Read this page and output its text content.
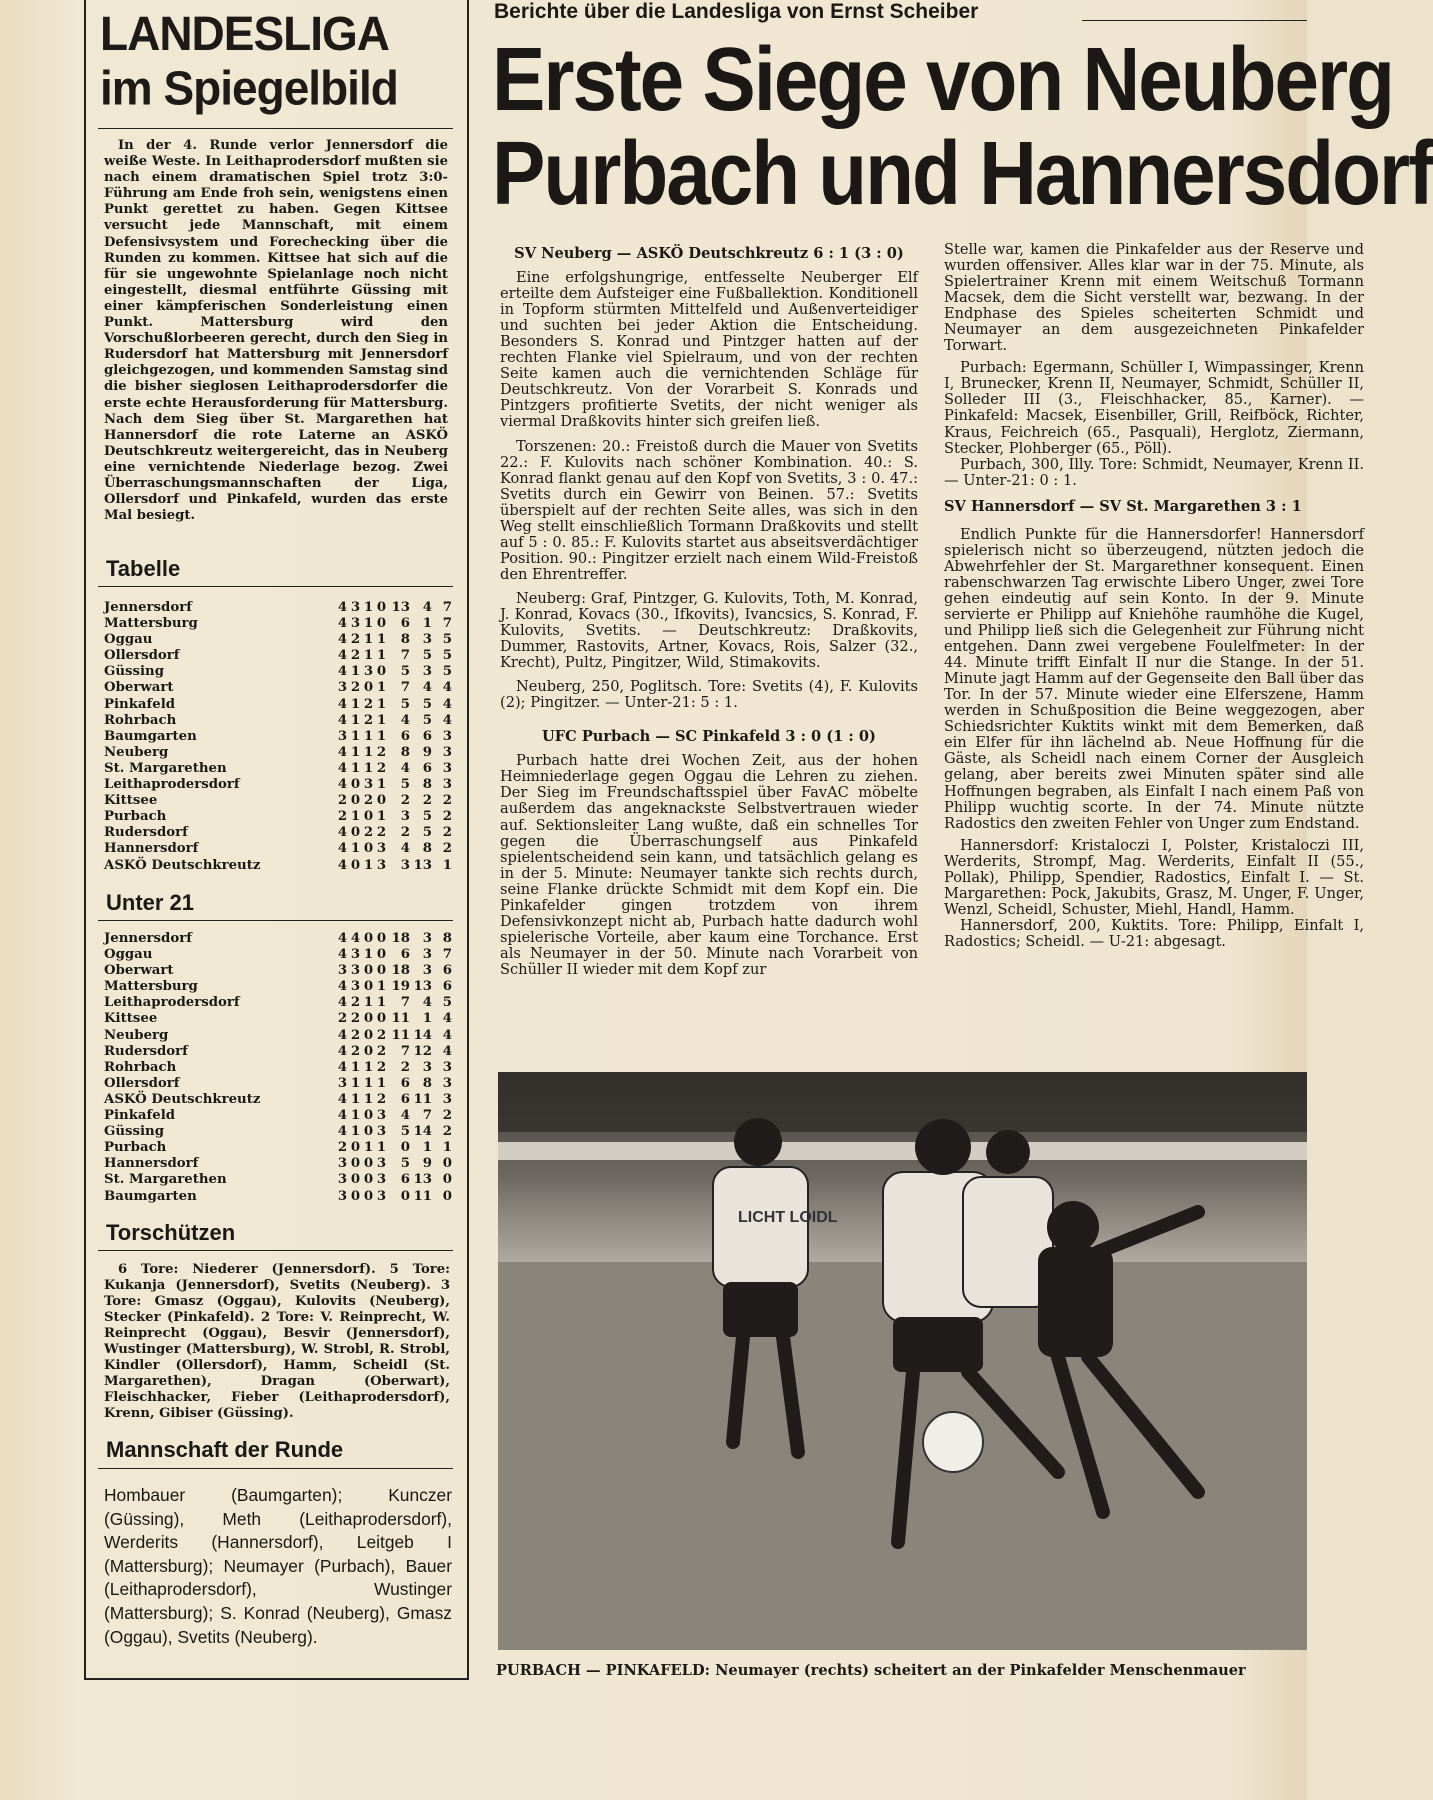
LANDESLIGA
im Spiegelbild
In der 4. Runde verlor Jennersdorf die weiße Weste. In Leithaprodersdorf mußten sie nach einem dramatischen Spiel trotz 3:0-Führung am Ende froh sein, wenigstens einen Punkt gerettet zu haben. Gegen Kittsee versucht jede Mannschaft, mit einem Defensivsystem und Forechecking über die Runden zu kommen. Kittsee hat sich auf die für sie ungewohnte Spielanlage noch nicht eingestellt, diesmal entführte Güssing mit einer kämpferischen Sonderleistung einen Punkt. Mattersburg wird den Vorschußlorbeeren gerecht, durch den Sieg in Rudersdorf hat Mattersburg mit Jennersdorf gleichgezogen, und kommenden Samstag sind die bisher sieglosen Leithaprodersdorfer die erste echte Herausforderung für Mattersburg. Nach dem Sieg über St. Margarethen hat Hannersdorf die rote Laterne an ASKÖ Deutschkreutz weitergereicht, das in Neuberg eine vernichtende Niederlage bezog. Zwei Überraschungsmannschaften der Liga, Ollersdorf und Pinkafeld, wurden das erste Mal besiegt.
Tabelle
Jennersdorf	4 3 1 0 13 4 7
Mattersburg	4 3 1 0	6 1 7
Oggau	4 2 1 1	8 3 5
Ollersdorf	4 2 1 1	7 5 5
Güssing	4 1 3 0	5 3 5
Oberwart	3 2 0 1	7 4 4
Pinkafeld	4 1 2 1	5 5 4
Rohrbach	4 1 2 1	4 5 4
Baumgarten	3 1 1 1	6 6 3
Neuberg	4 1 1 2	8 9 3
St. Margarethen	4 1 1 2	4 6 3
Leithaprodersdorf	4 0 3 1	5 8 3
Kittsee	2 0 2 0	2 2 2
Purbach	2 1 0 1	3 5 2
Rudersdorf	4 0 2 2	2 5 2
Hannersdorf	4 1 0 3	4 8 2
ASKÖ Deutschkreutz	4 0 1 3	3 13 1
Unter 21
Jennersdorf	4 4 0 0 18 3 8
Oggau	4 3 1 0	6 3 7
Oberwart	3 3 0 0 18 3 6
Mattersburg	4 3 0 1 19 13 6
Leithaprodersdorf	4 2 1 1	7 4 5
Kittsee	2 2 0 0 11 1 4
Neuberg	4 2 0 2 11 14 4
Rudersdorf	4 2 0 2	7 12 4
Rohrbach	4 1 1 2	2 3 3
Ollersdorf	3 1 1 1	6 8 3
ASKÖ Deutschkreutz	4 1 1 2	6 11 3
Pinkafeld	4 1 0 3	4 7 2
Güssing	4 1 0 3	5 14 2
Purbach	2 0 1 1	0 1 1
Hannersdorf	3 0 0 3	5 9 0
St. Margarethen	3 0 0 3	6 13 0
Baumgarten	3 0 0 3	0 11 0
Torschützen
6 Tore: Niederer (Jennersdorf). 5 Tore: Kukanja (Jennersdorf), Svetits (Neuberg). 3 Tore: Gmasz (Oggau), Kulovits (Neuberg), Stecker (Pinkafeld). 2 Tore: V. Reinprecht, W. Reinprecht (Oggau), Besvir (Jennersdorf), Wustinger (Mattersburg), W. Strobl, R. Strobl, Kindler (Ollersdorf), Hamm, Scheidl (St. Margarethen), Dragan (Oberwart), Fleischhacker, Fieber (Leithaprodersdorf), Krenn, Gibiser (Güssing).
Mannschaft der Runde
Hombauer (Baumgarten); Kunczer (Güssing), Meth (Leithaprodersdorf), Werderits (Hannersdorf), Leitgeb I (Mattersburg); Neumayer (Purbach), Bauer (Leithaprodersdorf), Wustinger (Mattersburg); S. Konrad (Neuberg), Gmasz (Oggau), Svetits (Neuberg).
Berichte über die Landesliga von Ernst Scheiber
Erste Siege von Neuberg
Purbach und Hannersdorf

SV Neuberg — ASKÖ Deutschkreutz 6 : 1 (3 : 0)

Eine erfolgshungrige, entfesselte Neuberger Elf erteilte dem Aufsteiger eine Fußballektion. Konditionell in Topform stürmten Mittelfeld und Außenverteidiger und suchten bei jeder Aktion die Entscheidung. Besonders S. Konrad und Pintzger hatten auf der rechten Flanke viel Spielraum, und von der rechten Seite kamen auch die vernichtenden Schläge für Deutschkreutz. Von der Vorarbeit S. Konrads und Pintzgers profitierte Svetits, der nicht weniger als viermal Draßkovits hinter sich greifen ließ.

Torszenen: 20.: Freistoß durch die Mauer von Svetits 22.: F. Kulovits nach schöner Kombination. 40.: S. Konrad flankt genau auf den Kopf von Svetits, 3 : 0. 47.: Svetits durch ein Gewirr von Beinen. 57.: Svetits überspielt auf der rechten Seite alles, was sich in den Weg stellt einschließlich Tormann Draßkovits und stellt auf 5 : 0. 85.: F. Kulovits startet aus abseitsverdächtiger Position. 90.: Pingitzer erzielt nach einem Wild-Freistoß den Ehrentreffer.

Neuberg: Graf, Pintzger, G. Kulovits, Toth, M. Konrad, J. Konrad, Kovacs (30., Ifkovits), Ivancsics, S. Konrad, F. Kulovits, Svetits. — Deutschkreutz: Draßkovits, Dummer, Rastovits, Artner, Kovacs, Rois, Salzer (32., Krecht), Pultz, Pingitzer, Wild, Stimakovits.

Neuberg, 250, Poglitsch. Tore: Svetits (4), F. Kulovits (2); Pingitzer. — Unter-21: 5 : 1.

UFC Purbach — SC Pinkafeld 3 : 0 (1 : 0)

Purbach hatte drei Wochen Zeit, aus der hohen Heimniederlage gegen Oggau die Lehren zu ziehen. Der Sieg im Freundschaftsspiel über FavAC möbelte außerdem das angeknackste Selbstvertrauen wieder auf. Sektionsleiter Lang wußte, daß ein schnelles Tor gegen die Überraschungself aus Pinkafeld spielentscheidend sein kann, und tatsächlich gelang es in der 5. Minute: Neumayer tankte sich rechts durch, seine Flanke drückte Schmidt mit dem Kopf ein. Die Pinkafelder gingen trotzdem von ihrem Defensivkonzept nicht ab, Purbach hatte dadurch wohl spielerische Vorteile, aber kaum eine Torchance. Erst als Neumayer in der 50. Minute nach Vorarbeit von Schüller II wieder mit dem Kopf zur

Stelle war, kamen die Pinkafelder aus der Reserve und wurden offensiver. Alles klar war in der 75. Minute, als Spielertrainer Krenn mit einem Weitschuß Tormann Macsek, dem die Sicht verstellt war, bezwang. In der Endphase des Spieles scheiterten Schmidt und Neumayer an dem ausgezeichneten Pinkafelder Torwart.

Purbach: Egermann, Schüller I, Wimpassinger, Krenn I, Brunecker, Krenn II, Neumayer, Schmidt, Schüller II, Solleder III (3., Fleischhacker, 85., Karner). — Pinkafeld: Macsek, Eisenbiller, Grill, Reifböck, Richter, Kraus, Feichreich (65., Pasquali), Herglotz, Ziermann, Stecker, Plohberger (65., Pöll).

Purbach, 300, Illy. Tore: Schmidt, Neumayer, Krenn II. — Unter-21: 0 : 1.

SV Hannersdorf — SV St. Margarethen 3 : 1

Endlich Punkte für die Hannersdorfer! Hannersdorf spielerisch nicht so überzeugend, nützten jedoch die Abwehrfehler der St. Margarethner konsequent. Einen rabenschwarzen Tag erwischte Libero Unger, zwei Tore gehen eindeutig auf sein Konto. In der 9. Minute servierte er Philipp auf Kniehöhe raumhöhe die Kugel, und Philipp ließ sich die Gelegenheit zur Führung nicht entgehen. Dann zwei vergebene Foulelfmeter: In der 44. Minute trifft Einfalt II nur die Stange. In der 51. Minute jagt Hamm auf der Gegenseite den Ball über das Tor. In der 57. Minute wieder eine Elferszene, Hamm werden in Schußposition die Beine weggezogen, aber Schiedsrichter Kuktits winkt mit dem Bemerken, daß ein Elfer für ihn lächelnd ab. Neue Hoffnung für die Gäste, als Scheidl nach einem Corner der Ausgleich gelang, aber bereits zwei Minuten später sind alle Hoffnungen begraben, als Einfalt I nach einem Paß von Philipp wuchtig scorte. In der 74. Minute nützte Radostics den zweiten Fehler von Unger zum Endstand.

Hannersdorf: Kristaloczi I, Polster, Kristaloczi III, Werderits, Strompf, Mag. Werderits, Einfalt II (55., Pollak), Philipp, Spendier, Radostics, Einfalt I. — St. Margarethen: Pock, Jakubits, Grasz, M. Unger, F. Unger, Wenzl, Scheidl, Schuster, Miehl, Handl, Hamm.

Hannersdorf, 200, Kuktits. Tore: Philipp, Einfalt I, Radostics; Scheidl. — U-21: abgesagt.

LICHT LOIDL
PURBACH — PINKAFELD: Neumayer (rechts) scheitert an der Pinkafelder Menschenmauer
